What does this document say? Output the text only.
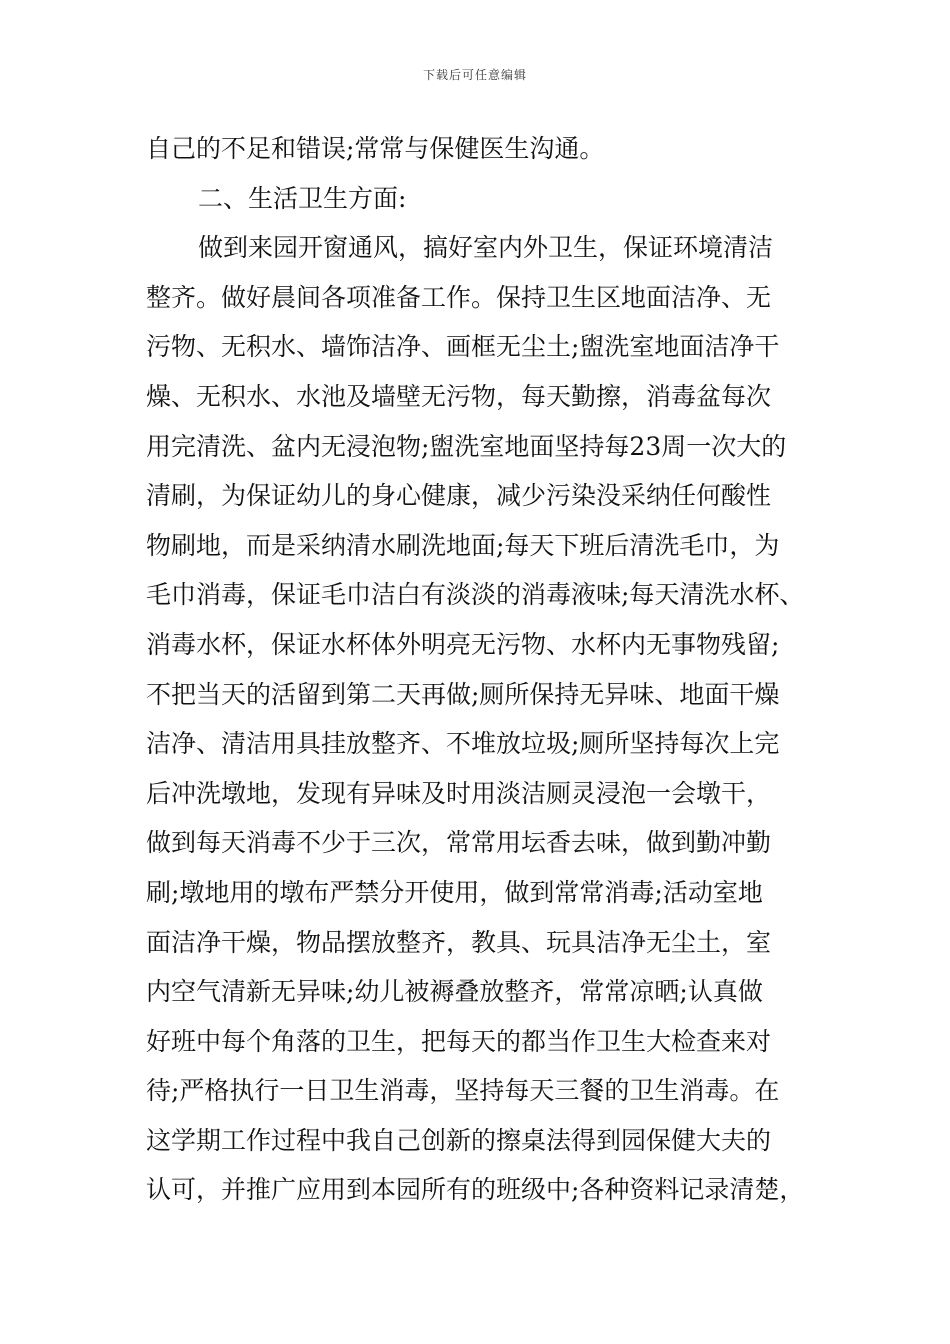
下载后可任意编辑
自己的不足和错误;常常与保健医生沟通。
二、生活卫生方面:
做到来园开窗通风，搞好室内外卫生，保证环境清洁
整齐。做好晨间各项准备工作。保持卫生区地面洁净、无
污物、无积水、墙饰洁净、画框无尘土;盥洗室地面洁净干
燥、无积水、水池及墙壁无污物，每天勤擦，消毒盆每次
用完清洗、盆内无浸泡物;盥洗室地面坚持每23周一次大的
清刷，为保证幼儿的身心健康，减少污染没采纳任何酸性
物刷地，而是采纳清水刷洗地面;每天下班后清洗毛巾，为
毛巾消毒，保证毛巾洁白有淡淡的消毒液味;每天清洗水杯、
消毒水杯，保证水杯体外明亮无污物、水杯内无事物残留;
不把当天的活留到第二天再做;厕所保持无异味、地面干燥
洁净、清洁用具挂放整齐、不堆放垃圾;厕所坚持每次上完
后冲洗墩地，发现有异味及时用淡洁厕灵浸泡一会墩干，
做到每天消毒不少于三次，常常用坛香去味，做到勤冲勤
刷;墩地用的墩布严禁分开使用，做到常常消毒;活动室地
面洁净干燥，物品摆放整齐，教具、玩具洁净无尘土，室
内空气清新无异味;幼儿被褥叠放整齐，常常凉晒;认真做
好班中每个角落的卫生，把每天的都当作卫生大检查来对
待;严格执行一日卫生消毒，坚持每天三餐的卫生消毒。在
这学期工作过程中我自己创新的擦桌法得到园保健大夫的
认可，并推广应用到本园所有的班级中;各种资料记录清楚，
